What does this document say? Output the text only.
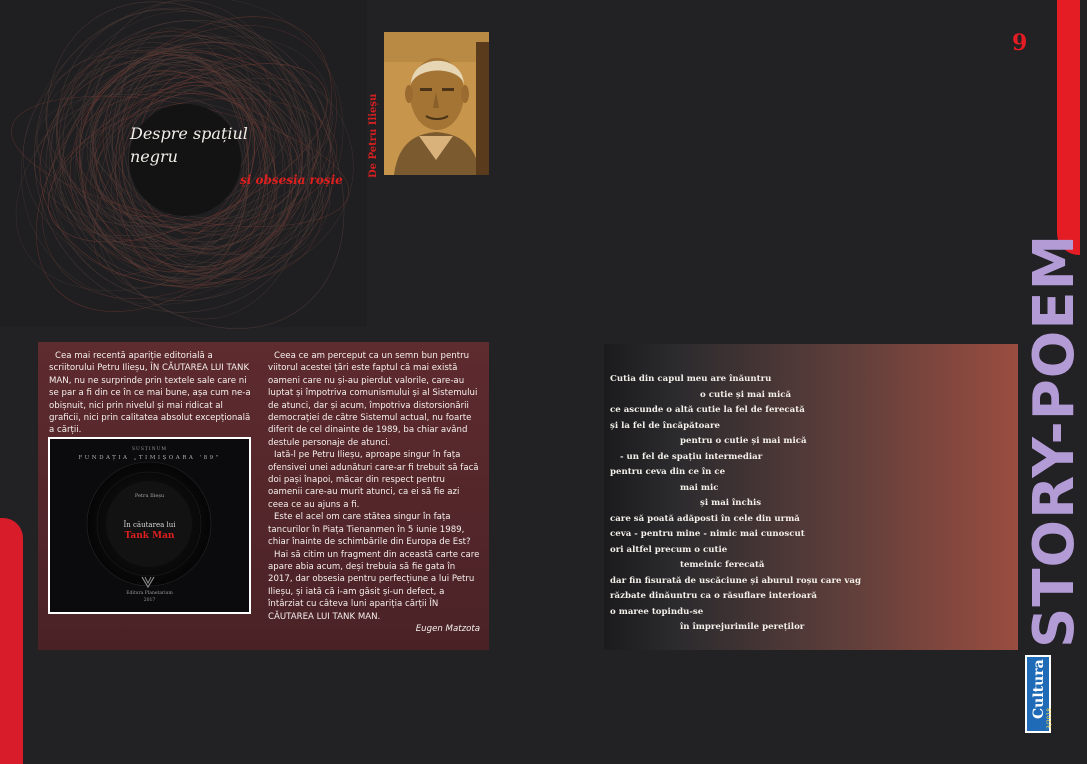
Despre spațiul negru
și obsesia roșie
De Petru Ilieșu

Cea mai recentă apariție editorială a scriitorului Petru Ilieșu, ÎN CĂUTAREA LUI TANK MAN, nu ne surprinde prin textele sale care ni se par a fi din ce în ce mai bune, așa cum ne-a obișnuit, nici prin nivelul și mai ridicat al graficii, nici prin calitatea absolut excepțională a cărții.

SUSȚINUM
FUNDAȚIA „TIMIȘOARA '89"
Petru Ilieșu
În căutarea lui
Tank Man
Editura Planetarium
2017

Ceea ce am perceput ca un semn bun pentru viitorul acestei țări este faptul că mai există oameni care nu și-au pierdut valorile, care-au luptat și împotriva comunismului și al Sistemului de atunci, dar și acum, împotriva distorsionării democrației de către Sistemul actual, nu foarte diferit de cel dinainte de 1989, ba chiar având destule personaje de atunci.

Iată-l pe Petru Ilieșu, aproape singur în fața ofensivei unei adunături care-ar fi trebuit să facă doi pași înapoi, măcar din respect pentru oamenii care-au murit atunci, ca ei să fie azi ceea ce au ajuns a fi.

Este el acel om care stătea singur în fața tancurilor în Piața Tienanmen în 5 iunie 1989, chiar înainte de schimbările din Europa de Est?

Hai să citim un fragment din această carte care apare abia acum, deși trebuia să fie gata în 2017, dar obsesia pentru perfecțiune a lui Petru Ilieșu, și iată că i-am găsit și-un defect, a întârziat cu câteva luni apariția cărții ÎN CĂUTAREA LUI TANK MAN.

Eugen Matzota
9
Cutia din capul meu are înăuntru
o cutie și mai mică
ce ascunde o altă cutie la fel de ferecată
și la fel de încăpătoare
pentru o cutie și mai mică
- un fel de spațiu intermediar
pentru ceva din ce în ce
mai mic
și mai închis
care să poată adăposti în cele din urmă
ceva - pentru mine - nimic mai cunoscut
ori altfel precum o cutie
temeinic ferecată
dar fin fisurată de uscăciune și aburul roșu care vag
răzbate dinăuntru ca o răsuflare interioară
o maree topindu-se
în împrejurimile pereților	STORY-POEM
Cultura 3/2018
